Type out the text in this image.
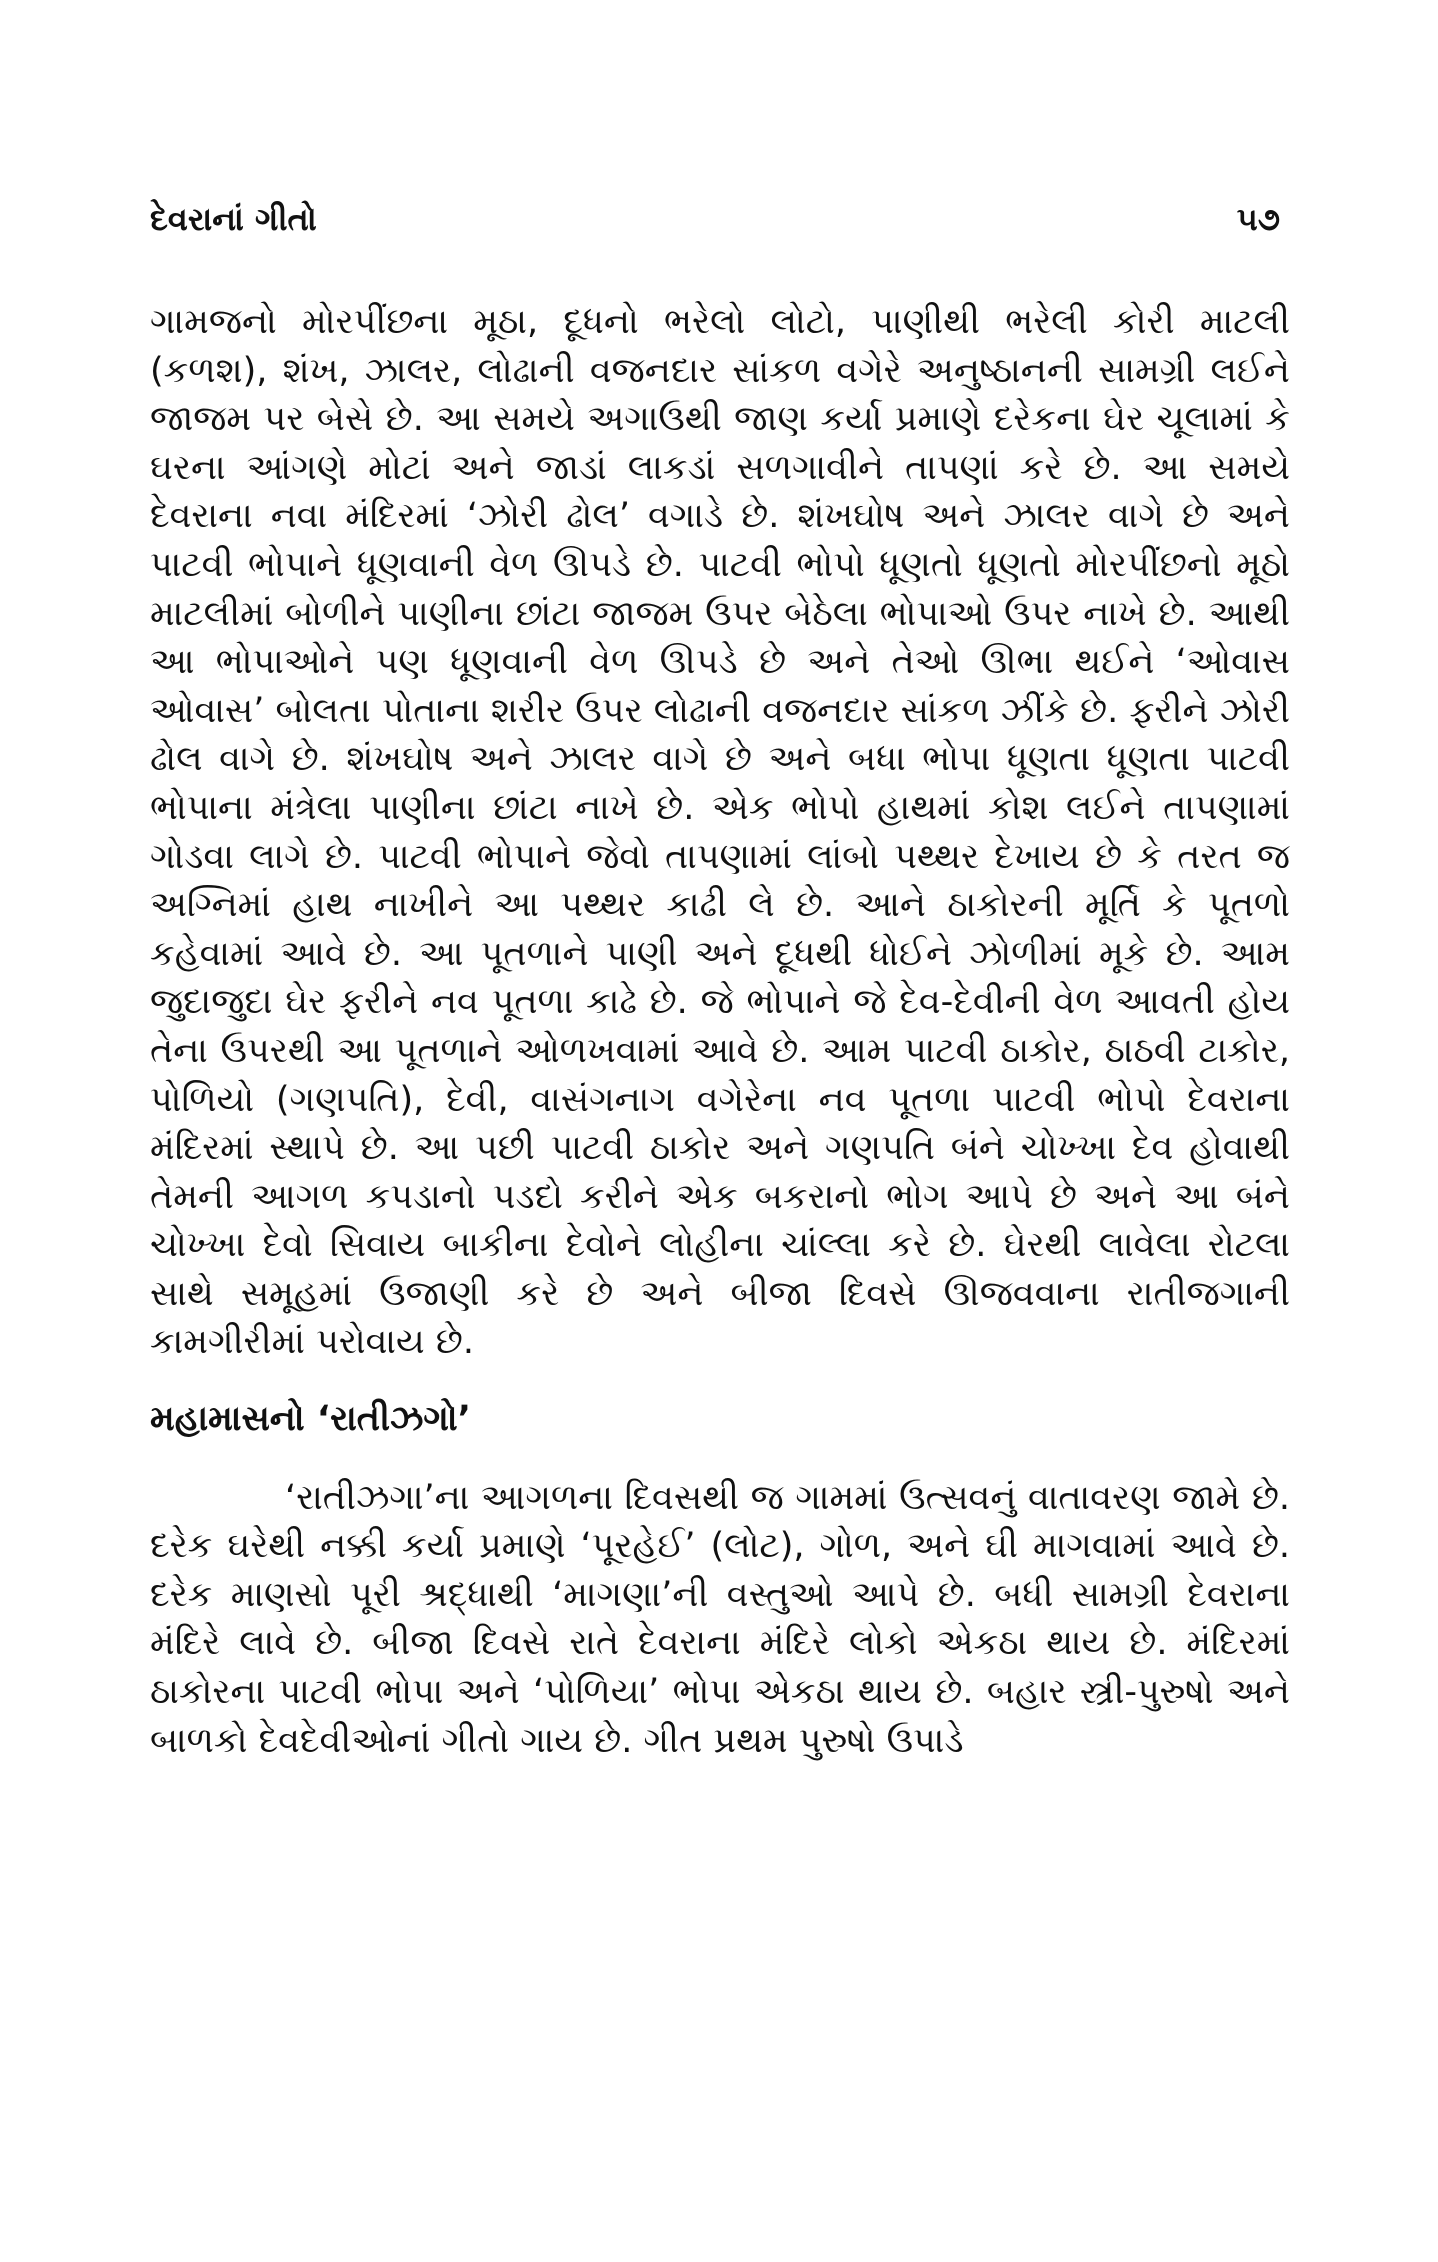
દેવરાનાં ગીતો	૫૭

ગામજનો મોરપીંછના મૂઠા, દૂધનો ભરેલો લોટો, પાણીથી ભરેલી કોરી માટલી (કળશ), શંખ, ઝાલર, લોઢાની વજનદાર સાંકળ વગેરે અનુષ્ઠાનની સામગ્રી લઈને જાજમ પર બેસે છે. આ સમયે અગાઉથી જાણ કર્યા પ્રમાણે દરેકના ઘેર ચૂલામાં કે ઘરના આંગણે મોટાં અને જાડાં લાકડાં સળગાવીને તાપણાં કરે છે. આ સમયે દેવરાના નવા મંદિરમાં ‘ઝોરી ઢોલ’ વગાડે છે. શંખઘોષ અને ઝાલર વાગે છે અને પાટવી ભોપાને ધૂણવાની વેળ ઊપડે છે. પાટવી ભોપો ધૂણતો ધૂણતો મોરપીંછનો મૂઠો માટલીમાં બોળીને પાણીના છાંટા જાજમ ઉપર બેઠેલા ભોપાઓ ઉપર નાખે છે. આથી આ ભોપાઓને પણ ધૂણવાની વેળ ઊપડે છે અને તેઓ ઊભા થઈને ‘ઓવાસ ઓવાસ’ બોલતા પોતાના શરીર ઉપર લોઢાની વજનદાર સાંકળ ઝીંકે છે. ફરીને ઝોરી ઢોલ વાગે છે. શંખઘોષ અને ઝાલર વાગે છે અને બધા ભોપા ધૂણતા ધૂણતા પાટવી ભોપાના મંત્રેલા પાણીના છાંટા નાખે છે. એક ભોપો હાથમાં કોશ લઈને તાપણામાં ગોડવા લાગે છે. પાટવી ભોપાને જેવો તાપણામાં લાંબો પથ્થર દેખાય છે કે તરત જ અગ્નિમાં હાથ નાખીને આ પથ્થર કાઢી લે છે. આને ઠાકોરની મૂર્તિ કે પૂતળો કહેવામાં આવે છે. આ પૂતળાને પાણી અને દૂધથી ધોઈને ઝોળીમાં મૂકે છે. આમ જુદાજુદા ઘેર ફરીને નવ પૂતળા કાઢે છે. જે ભોપાને જે દેવ-દેવીની વેળ આવતી હોય તેના ઉપરથી આ પૂતળાને ઓળખવામાં આવે છે. આમ પાટવી ઠાકોર, ઠાઠવી ટાકોર, પોળિયો (ગણપતિ), દેવી, વાસંગનાગ વગેરેના નવ પૂતળા પાટવી ભોપો દેવરાના મંદિરમાં સ્થાપે છે. આ પછી પાટવી ઠાકોર અને ગણપતિ બંને ચોખ્ખા દેવ હોવાથી તેમની આગળ કપડાનો પડદો કરીને એક બકરાનો ભોગ આપે છે અને આ બંને ચોખ્ખા દેવો સિવાય બાકીના દેવોને લોહીના ચાંલ્લા કરે છે. ઘેરથી લાવેલા રોટલા સાથે સમૂહમાં ઉજાણી કરે છે અને બીજા દિવસે ઊજવવાના રાતીજગાની કામગીરીમાં પરોવાય છે.

મહામાસનો ‘રાતીઝગો’

‘રાતીઝગા’ના આગળના દિવસથી જ ગામમાં ઉત્સવનું વાતાવરણ જામે છે. દરેક ઘરેથી નક્કી કર્યા પ્રમાણે ‘પૂરહેઈ’ (લોટ), ગોળ, અને ઘી માગવામાં આવે છે. દરેક માણસો પૂરી શ્રદ્ધાથી ‘માગણા’ની વસ્તુઓ આપે છે. બધી સામગ્રી દેવરાના મંદિરે લાવે છે. બીજા દિવસે રાતે દેવરાના મંદિરે લોકો એકઠા થાય છે. મંદિરમાં ઠાકોરના પાટવી ભોપા અને ‘પોળિયા’ ભોપા એકઠા થાય છે. બહાર સ્ત્રી-પુરુષો અને બાળકો દેવદેવીઓનાં ગીતો ગાય છે. ગીત પ્રથમ પુરુષો ઉપાડે
